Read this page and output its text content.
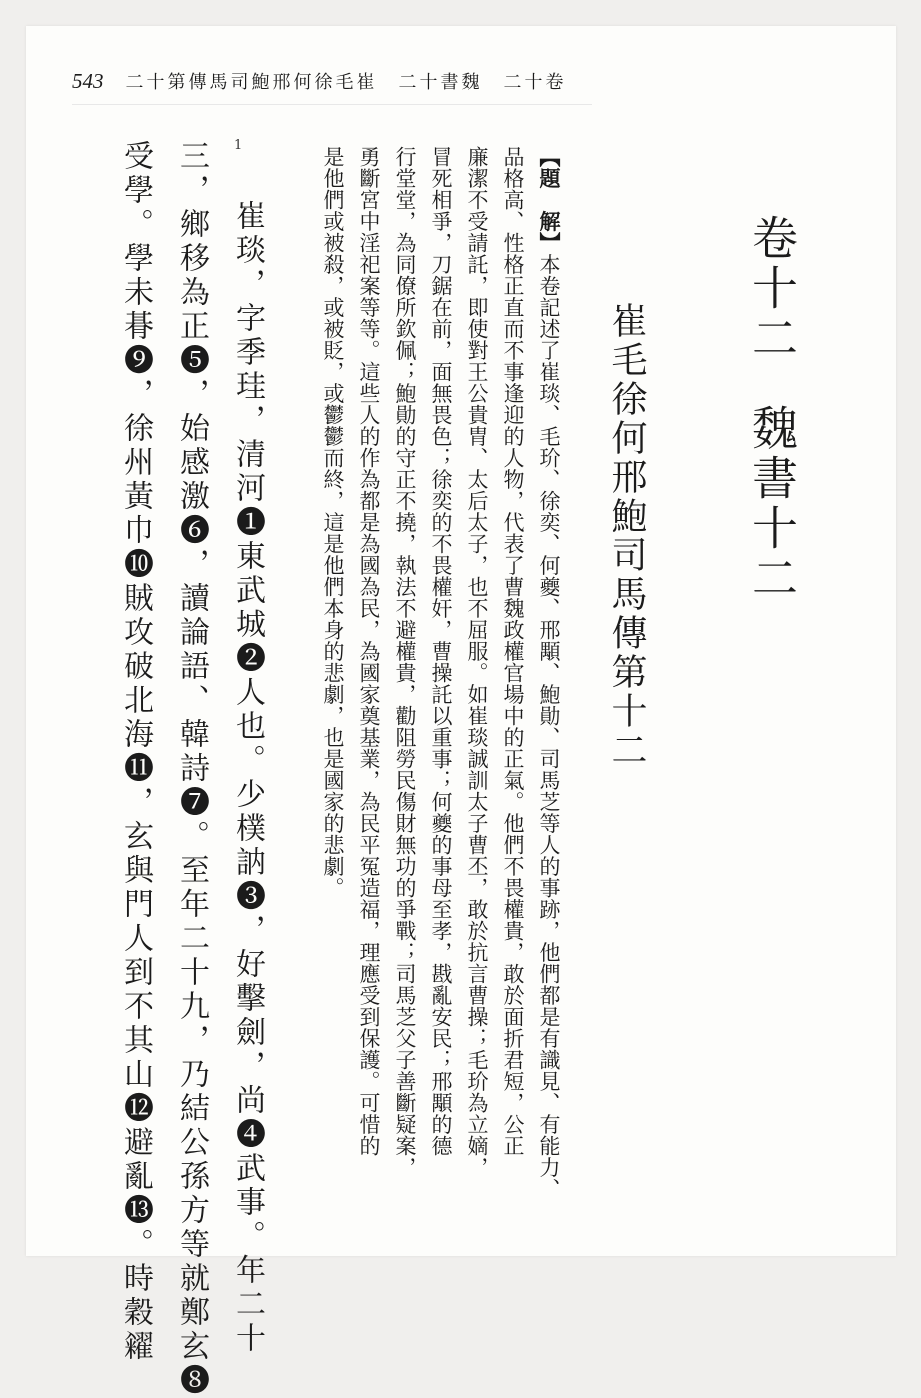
543 二十第傳馬司鮑邢何徐毛崔　二十書魏　二十卷
卷十二魏書十二
崔毛徐何邢鮑司馬傳第十二
【題　解】本卷記述了崔琰、毛玠、徐奕、何夔、邢顒、鮑勛、司馬芝等人的事跡，他們都是有識見、有能力、
品格高、性格正直而不事逢迎的人物，代表了曹魏政權官場中的正氣。他們不畏權貴，敢於面折君短，公正
廉潔不受請託，即使對王公貴胄、太后太子，也不屈服。如崔琰誠訓太子曹丕，敢於抗言曹操；毛玠為立嫡，
冒死相爭，刀鋸在前，面無畏色；徐奕的不畏權奸，曹操託以重事；何夔的事母至孝，戡亂安民；邢顒的德
行堂堂，為同僚所欽佩；鮑勛的守正不撓，執法不避權貴，勸阻勞民傷財無功的爭戰；司馬芝父子善斷疑案，
勇斷宮中淫祀案等等。這些人的作為都是為國為民，為國家奠基業，為民平冤造福，理應受到保護。可惜的
是他們或被殺，或被貶，或鬱鬱而終，這是他們本身的悲劇，也是國家的悲劇。
1
崔琰，字季珪，清河❶東武城❷人也。少樸訥❸，好擊劍，尚❹武事。年二十
三，鄉移為正❺，始感激❻，讀論語、韓詩❼。至年二十九，乃結公孫方等就鄭玄❽
受學。學未朞❾，徐州黃巾❿賊攻破北海⓫，玄與門人到不其山⓬避亂⓭。時穀糴
